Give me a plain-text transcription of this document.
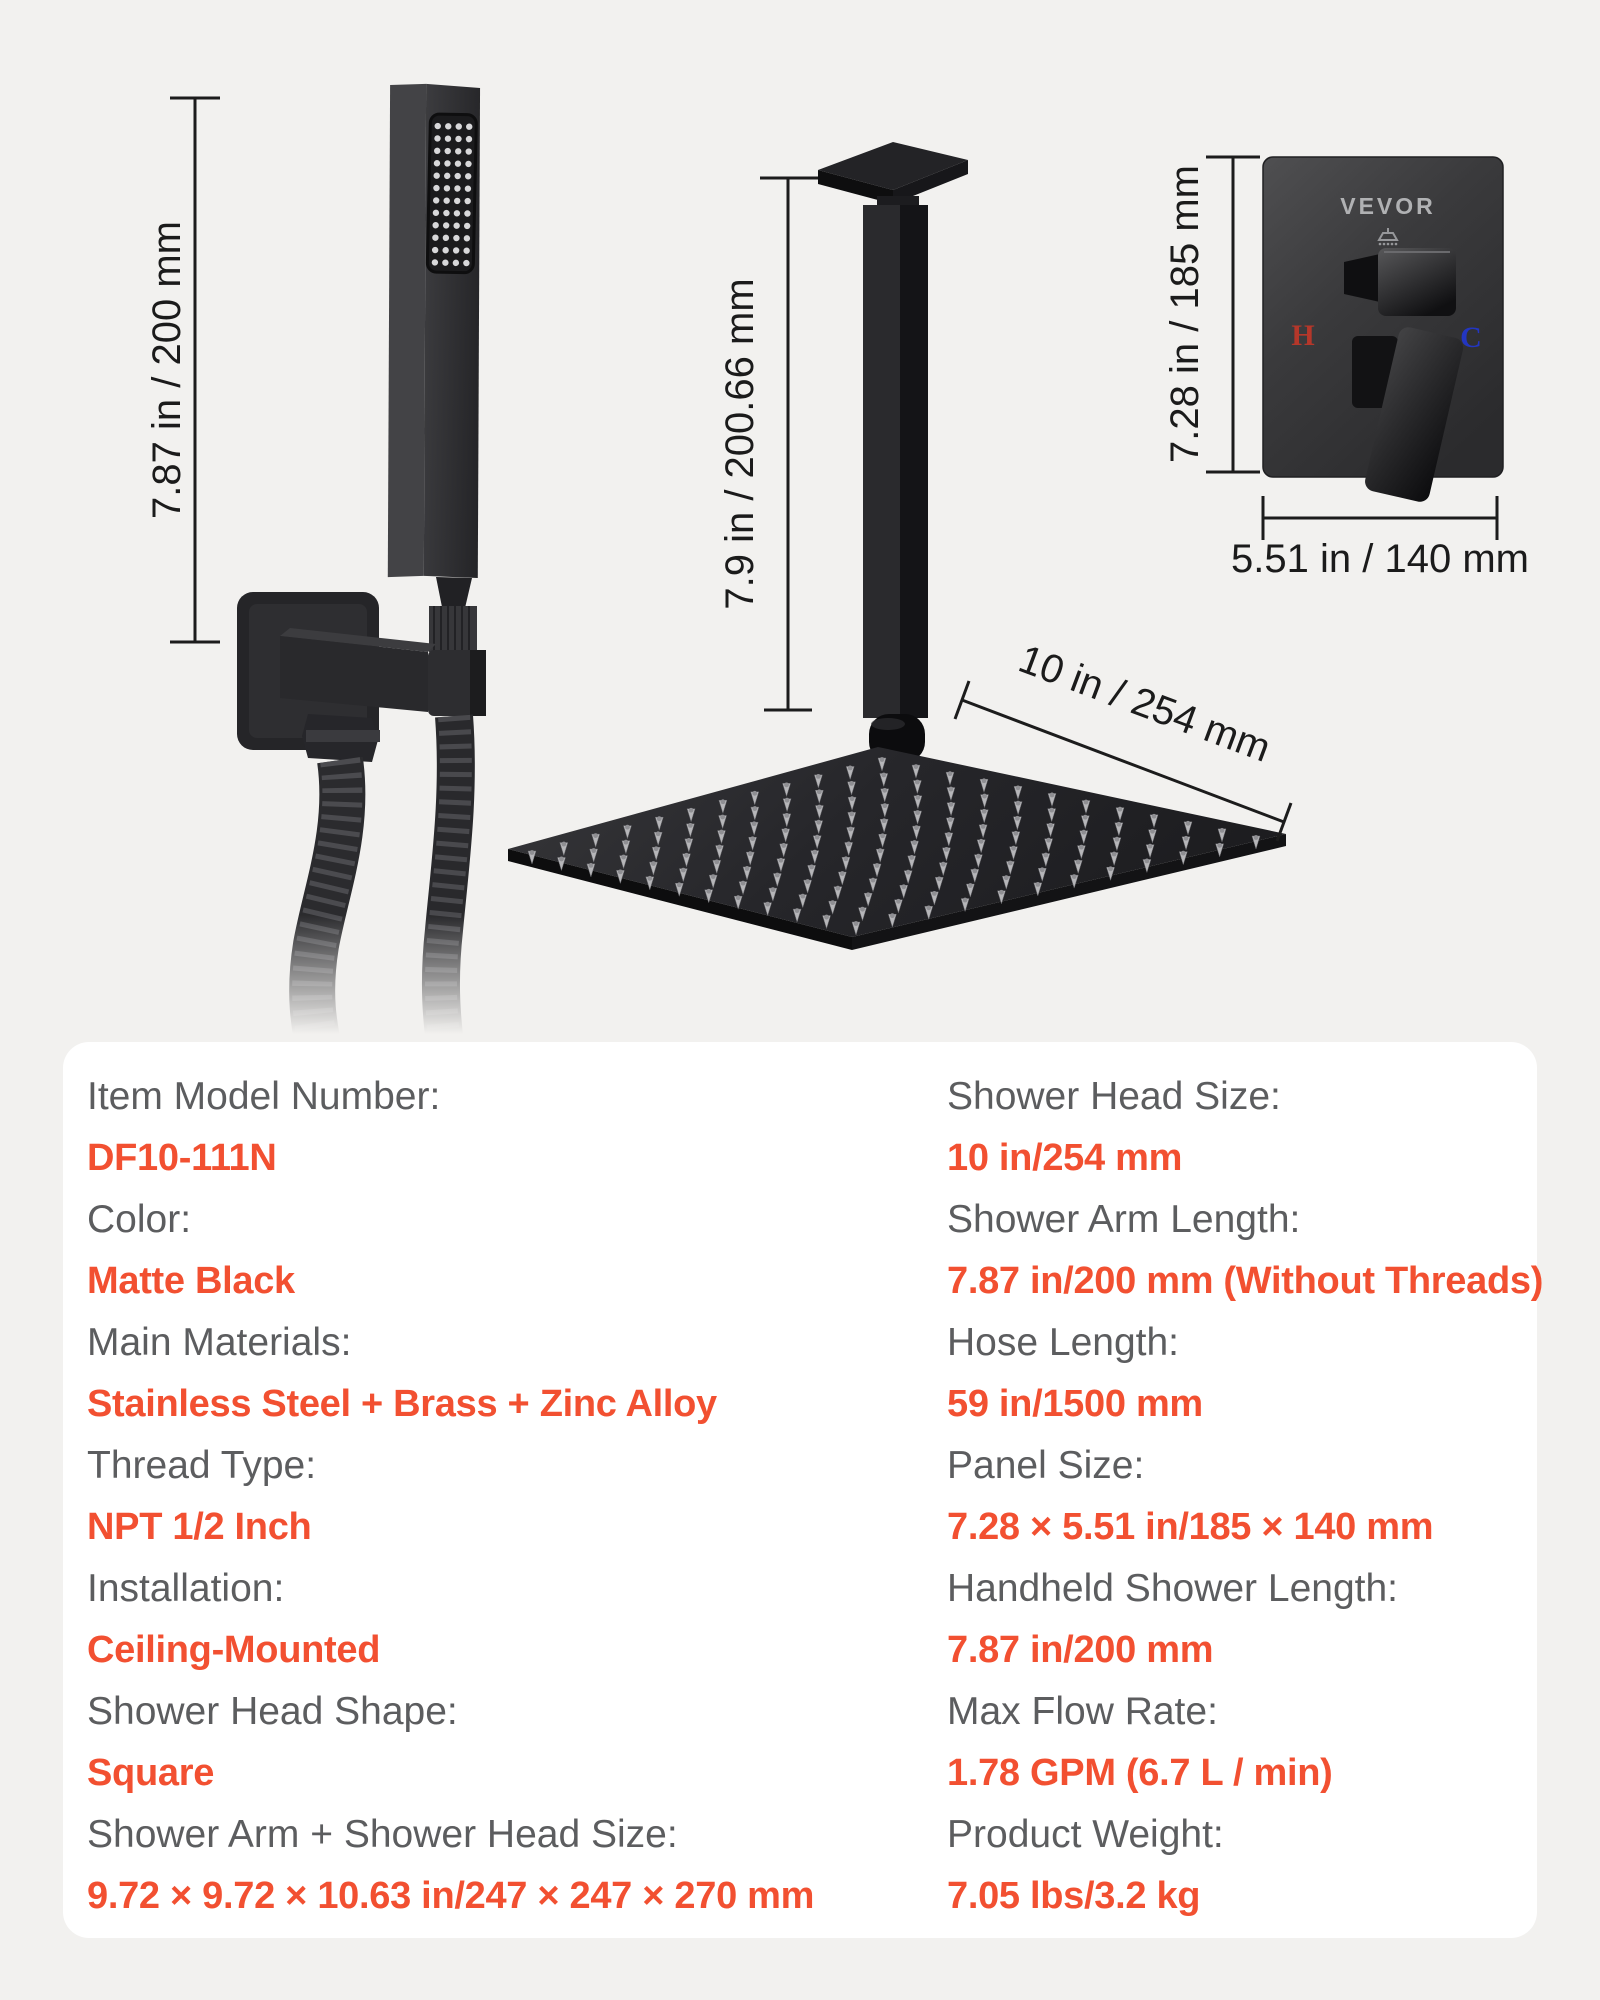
7.87 in / 200 mm	7.9 in / 200.66 mm
10 in / 254 mm
7.28 in / 185 mm	VEVOR
H	C
5.51 in / 140 mm
Item Model Number:
DF10-111N
Color:
Matte Black
Main Materials:
Stainless Steel + Brass + Zinc Alloy
Thread Type:
NPT 1/2 Inch
Installation:
Ceiling-Mounted
Shower Head Shape:
Square
Shower Arm + Shower Head Size:
9.72 × 9.72 × 10.63 in/247 × 247 × 270 mm
Shower Head Size:
10 in/254 mm
Shower Arm Length:
7.87 in/200 mm (Without Threads)
Hose Length:
59 in/1500 mm
Panel Size:
7.28 × 5.51 in/185 × 140 mm
Handheld Shower Length:
7.87 in/200 mm
Max Flow Rate:
1.78 GPM (6.7 L / min)
Product Weight:
7.05 lbs/3.2 kg
